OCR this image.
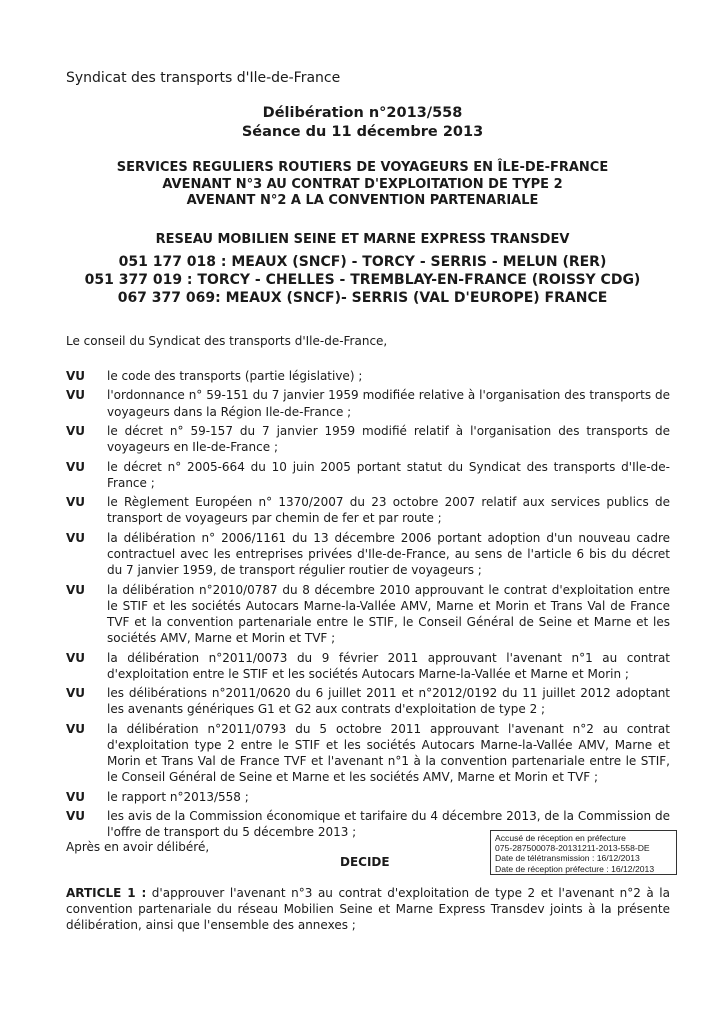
Syndicat des transports d'Ile-de-France
Délibération n°2013/558
Séance du 11 décembre 2013
SERVICES REGULIERS ROUTIERS DE VOYAGEURS EN ÎLE-DE-FRANCE
AVENANT N°3 AU CONTRAT D'EXPLOITATION DE TYPE 2
AVENANT N°2 A LA CONVENTION PARTENARIALE
RESEAU MOBILIEN SEINE ET MARNE EXPRESS TRANSDEV
051 177 018 : MEAUX (SNCF) - TORCY - SERRIS - MELUN (RER)
051 377 019 : TORCY - CHELLES - TREMBLAY-EN-FRANCE (ROISSY CDG)
067 377 069: MEAUX (SNCF)- SERRIS (VAL D'EUROPE) FRANCE
Le conseil du Syndicat des transports d'Ile-de-France,
VU	le code des transports (partie législative) ;
VU	l'ordonnance n° 59-151 du 7 janvier 1959 modifiée relative à l'organisation des transports de voyageurs dans la Région Ile-de-France ;
VU	le décret n° 59-157 du 7 janvier 1959 modifié relatif à l'organisation des transports de voyageurs en Ile-de-France ;
VU	le décret n° 2005-664 du 10 juin 2005 portant statut du Syndicat des transports d'Ile-de-France ;
VU	le Règlement Européen n° 1370/2007 du 23 octobre 2007 relatif aux services publics de transport de voyageurs par chemin de fer et par route ;
VU	la délibération n° 2006/1161 du 13 décembre 2006 portant adoption d'un nouveau cadre contractuel avec les entreprises privées d'Ile-de-France, au sens de l'article 6 bis du décret du 7 janvier 1959, de transport régulier routier de voyageurs ;
VU	la délibération n°2010/0787 du 8 décembre 2010 approuvant le contrat d'exploitation entre le STIF et les sociétés Autocars Marne-la-Vallée AMV, Marne et Morin et Trans Val de France TVF et la convention partenariale entre le STIF, le Conseil Général de Seine et Marne et les sociétés AMV, Marne et Morin et TVF ;
VU	la délibération n°2011/0073 du 9 février 2011 approuvant l'avenant n°1 au contrat d'exploitation entre le STIF et les sociétés Autocars Marne-la-Vallée et Marne et Morin ;
VU	les délibérations n°2011/0620 du 6 juillet 2011 et n°2012/0192 du 11 juillet 2012 adoptant les avenants génériques G1 et G2 aux contrats d'exploitation de type 2 ;
VU	la délibération n°2011/0793 du 5 octobre 2011 approuvant l'avenant n°2 au contrat d'exploitation type 2 entre le STIF et les sociétés Autocars Marne-la-Vallée AMV, Marne et Morin et Trans Val de France TVF et l'avenant n°1 à la convention partenariale entre le STIF, le Conseil Général de Seine et Marne et les sociétés AMV, Marne et Morin et TVF ;
VU	le rapport n°2013/558 ;
VU	les avis de la Commission économique et tarifaire du 4 décembre 2013, de la Commission de l'offre de transport du 5 décembre 2013 ;
Après en avoir délibéré,
DECIDE
Accusé de réception en préfecture
075-287500078-20131211-2013-558-DE
Date de télétransmission : 16/12/2013
Date de réception préfecture : 16/12/2013
ARTICLE 1 : d'approuver l'avenant n°3 au contrat d'exploitation de type 2 et l'avenant n°2 à la convention partenariale du réseau Mobilien Seine et Marne Express Transdev joints à la présente délibération, ainsi que l'ensemble des annexes ;
